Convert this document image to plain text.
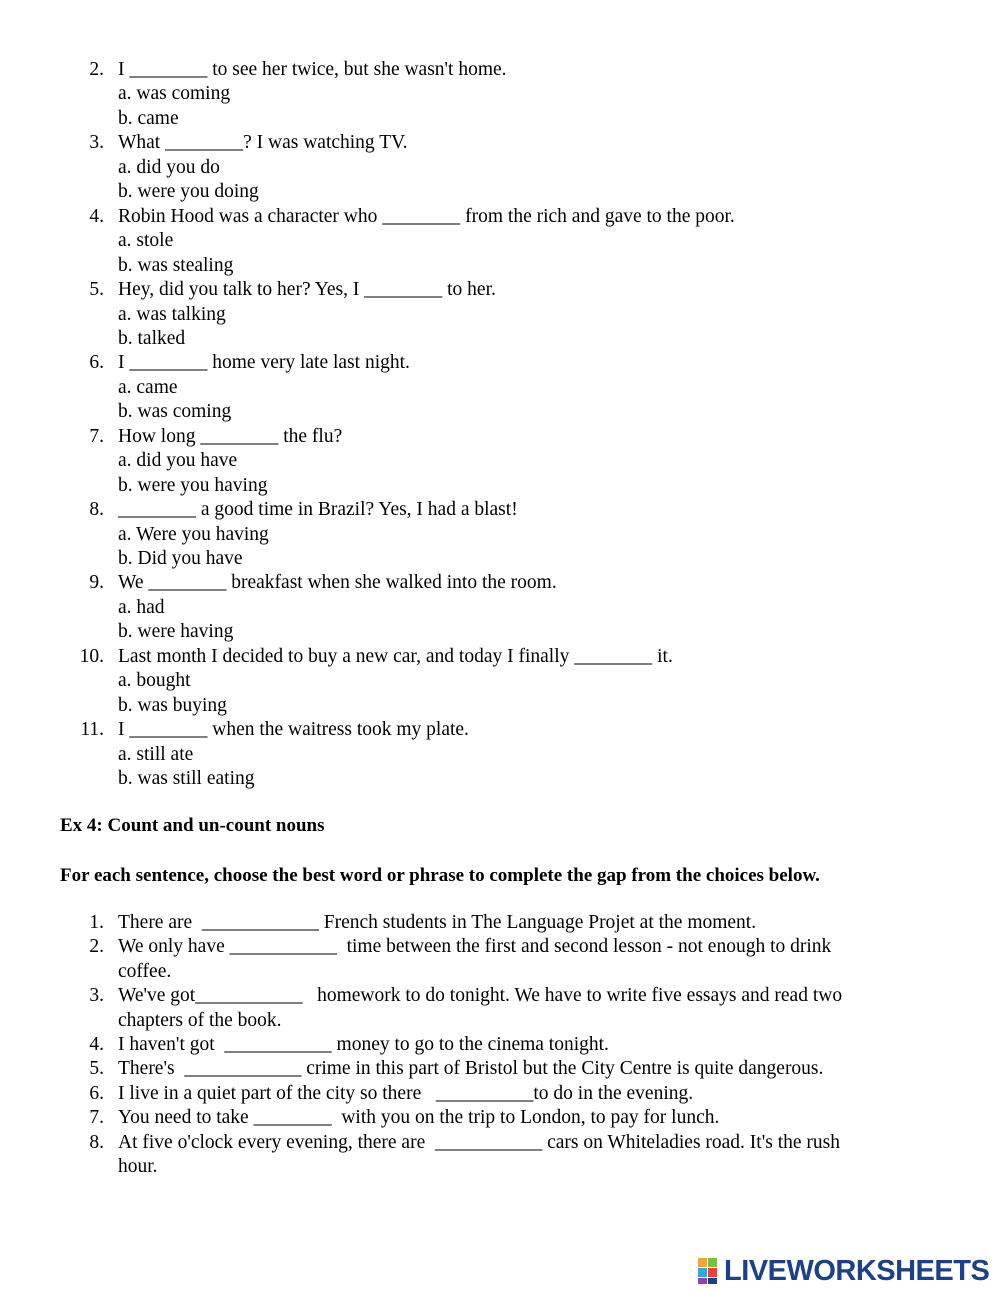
2. I ________ to see her twice, but she wasn't home.
a. was coming
b. came
3. What ________? I was watching TV.
a. did you do
b. were you doing
4. Robin Hood was a character who ________ from the rich and gave to the poor.
a. stole
b. was stealing
5. Hey, did you talk to her? Yes, I ________ to her.
a. was talking
b. talked
6. I ________ home very late last night.
a. came
b. was coming
7. How long ________ the flu?
a. did you have
b. were you having
8. ________ a good time in Brazil? Yes, I had a blast!
a. Were you having
b. Did you have
9. We ________ breakfast when she walked into the room.
a. had
b. were having
10. Last month I decided to buy a new car, and today I finally ________ it.
a. bought
b. was buying
11. I ________ when the waitress took my plate.
a. still ate
b. was still eating
Ex 4: Count and un-count nouns
For each sentence, choose the best word or phrase to complete the gap from the choices below.
1. There are  ____________ French students in The Language Projet at the moment.
2. We only have ___________  time between the first and second lesson - not enough to drink
coffee.
3. We've got___________   homework to do tonight. We have to write five essays and read two
chapters of the book.
4. I haven't got  ___________ money to go to the cinema tonight.
5. There's  ____________ crime in this part of Bristol but the City Centre is quite dangerous.
6. I live in a quiet part of the city so there   __________to do in the evening.
7. You need to take ________  with you on the trip to London, to pay for lunch.
8. At five o'clock every evening, there are  ___________ cars on Whiteladies road. It's the rush
hour.
LIVEWORKSHEETS
